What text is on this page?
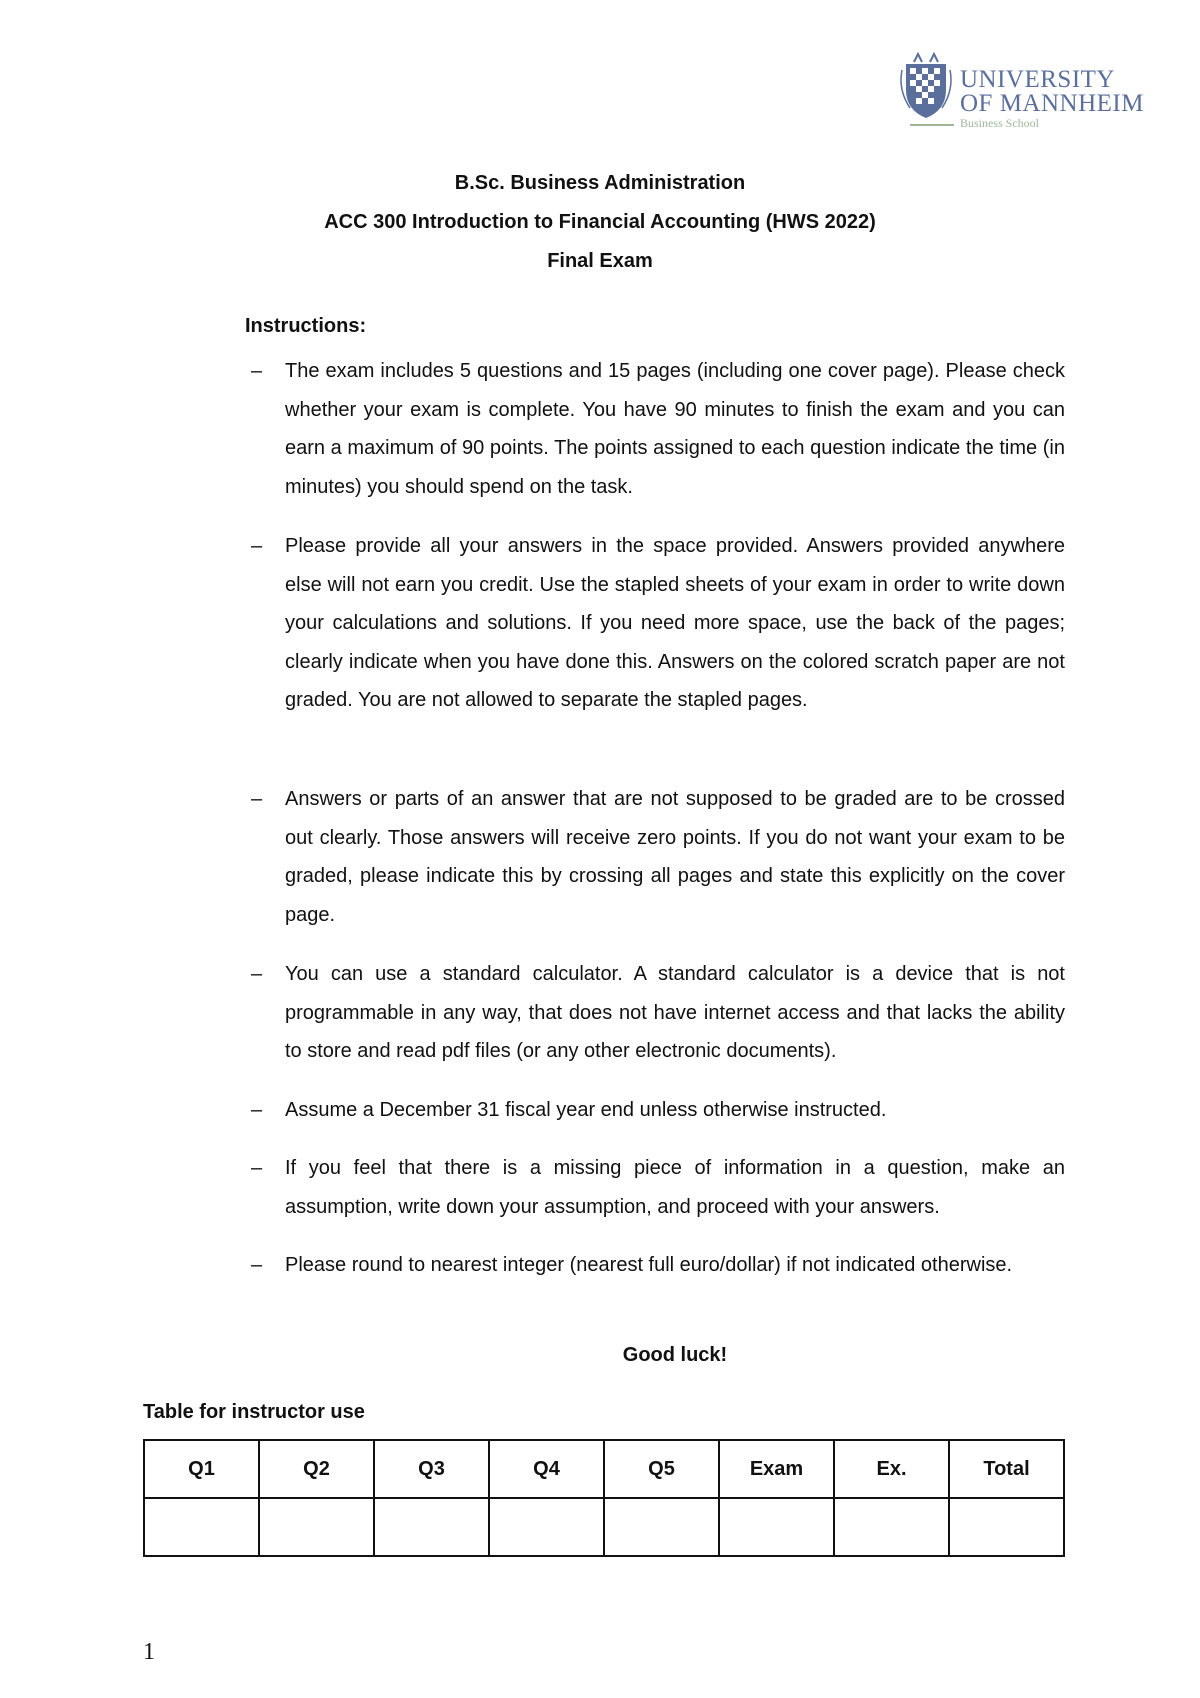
UNIVERSITY
OF MANNHEIM
Business School
B.Sc. Business Administration
ACC 300 Introduction to Financial Accounting (HWS 2022)
Final Exam
Instructions:
– The exam includes 5 questions and 15 pages (including one cover page). Please check whether your exam is complete. You have 90 minutes to finish the exam and you can earn a maximum of 90 points. The points assigned to each question indicate the time (in minutes) you should spend on the task.
– Please provide all your answers in the space provided. Answers provided anywhere else will not earn you credit. Use the stapled sheets of your exam in order to write down your calculations and solutions. If you need more space, use the back of the pages; clearly indicate when you have done this. Answers on the colored scratch paper are not graded. You are not allowed to separate the stapled pages.
– Answers or parts of an answer that are not supposed to be graded are to be crossed out clearly. Those answers will receive zero points. If you do not want your exam to be graded, please indicate this by crossing all pages and state this explicitly on the cover page.
– You can use a standard calculator. A standard calculator is a device that is not programmable in any way, that does not have internet access and that lacks the ability to store and read pdf files (or any other electronic documents).
– Assume a December 31 fiscal year end unless otherwise instructed.
– If you feel that there is a missing piece of information in a question, make an assumption, write down your assumption, and proceed with your answers.
– Please round to nearest integer (nearest full euro/dollar) if not indicated otherwise.
Good luck!
Table for instructor use
Q1	Q2	Q3	Q4	Q5	Exam	Ex.	Total

1
